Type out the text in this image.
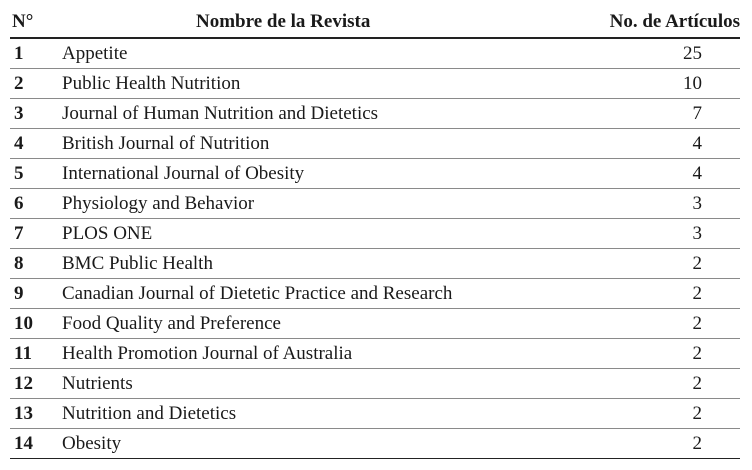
N°	Nombre de la Revista	No. de Artículos
1	Appetite	25
2	Public Health Nutrition	10
3	Journal of Human Nutrition and Dietetics	7
4	British Journal of Nutrition	4
5	International Journal of Obesity	4
6	Physiology and Behavior	3
7	PLOS ONE	3
8	BMC Public Health	2
9	Canadian Journal of Dietetic Practice and Research	2
10	Food Quality and Preference	2
11	Health Promotion Journal of Australia	2
12	Nutrients	2
13	Nutrition and Dietetics	2
14	Obesity	2
